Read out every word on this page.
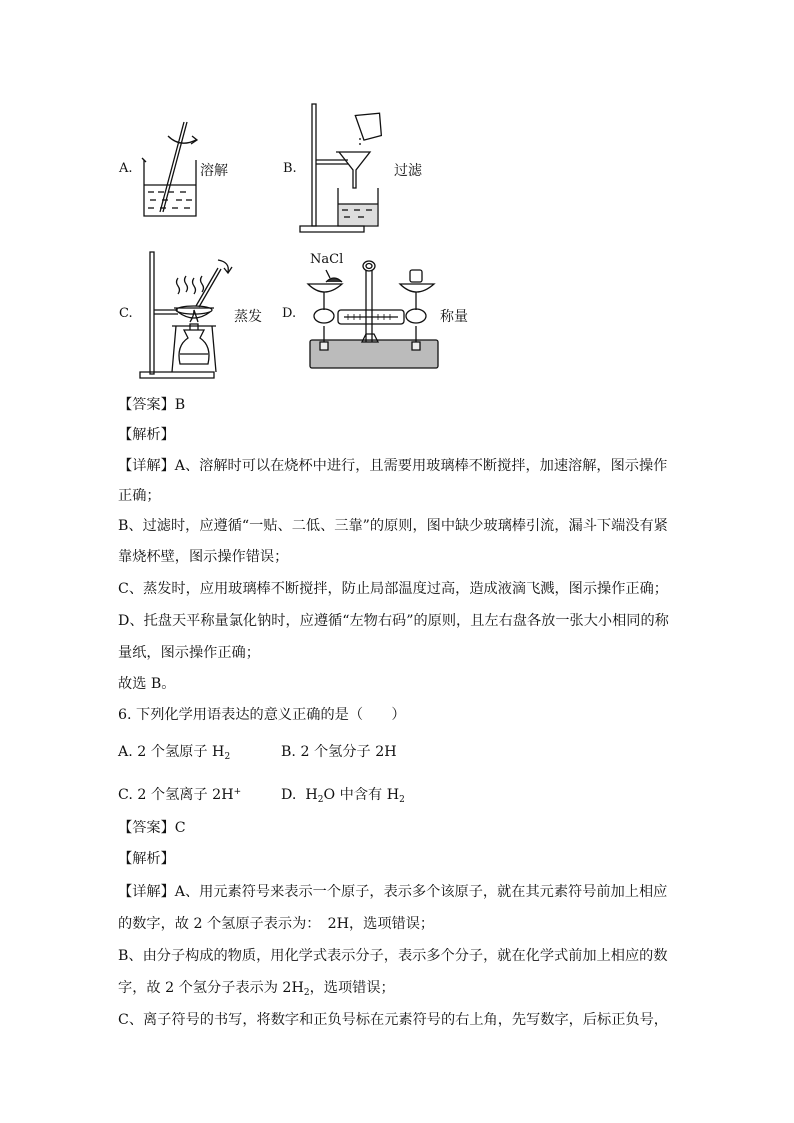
A.	溶解	B.	过滤
C.	蒸发 D.
NaCl
称量
【答案】B
【解析】
【详解】A、溶解时可以在烧杯中进行，且需要用玻璃棒不断搅拌，加速溶解，图示操作
正确；
B、过滤时，应遵循“一贴、二低、三靠”的原则，图中缺少玻璃棒引流，漏斗下端没有紧
靠烧杯壁，图示操作错误；
C、蒸发时，应用玻璃棒不断搅拌，防止局部温度过高，造成液滴飞溅，图示操作正确；
D、托盘天平称量氯化钠时，应遵循“左物右码”的原则，且左右盘各放一张大小相同的称
量纸，图示操作正确；
故选 B。
6. 下列化学用语表达的意义正确的是（　　）
A. 2 个氢原子 $H_2$	B. 2 个氢分子 2H
C. 2 个氢离子 2H+	D. $H_2O$ 中含有 $H_2$
【答案】C
【解析】
【详解】A、用元素符号来表示一个原子，表示多个该原子，就在其元素符号前加上相应
的数字，故 2 个氢原子表示为：　2H，选项错误；
B、由分子构成的物质，用化学式表示分子，表示多个分子，就在化学式前加上相应的数
字，故 2 个氢分子表示为 $2H_2$，选项错误；
C、离子符号的书写，将数字和正负号标在元素符号的右上角，先写数字，后标正负号，
